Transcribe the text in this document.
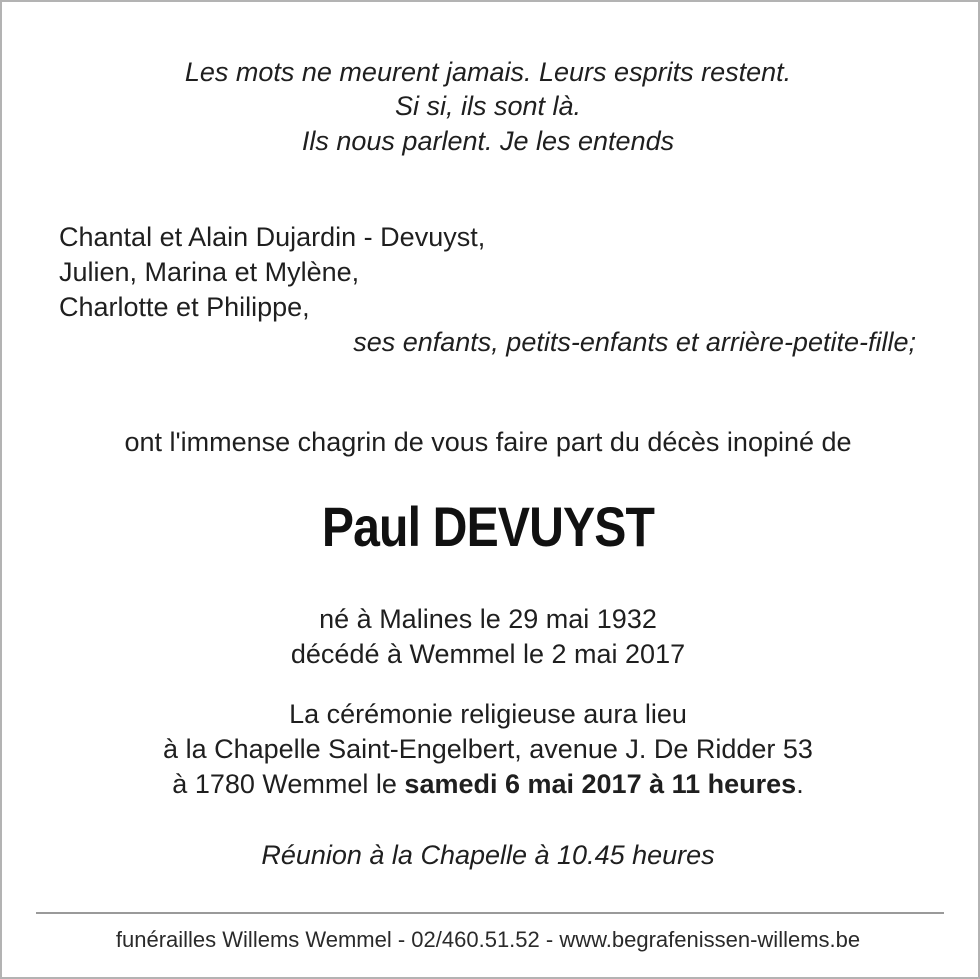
Les mots ne meurent jamais. Leurs esprits restent.
Si si, ils sont là.
Ils nous parlent. Je les entends
Chantal et Alain Dujardin - Devuyst,
Julien, Marina et Mylène,
Charlotte et Philippe,
ses enfants, petits-enfants et arrière-petite-fille;
ont l'immense chagrin de vous faire part du décès inopiné de
Paul DEVUYST
né à Malines le 29 mai 1932
décédé à Wemmel le 2 mai 2017
La cérémonie religieuse aura lieu
à la Chapelle Saint-Engelbert, avenue J. De Ridder 53
à 1780 Wemmel le samedi 6 mai 2017 à 11 heures.
Réunion à la Chapelle à 10.45 heures
funérailles Willems Wemmel - 02/460.51.52 - www.begrafenissen-willems.be
